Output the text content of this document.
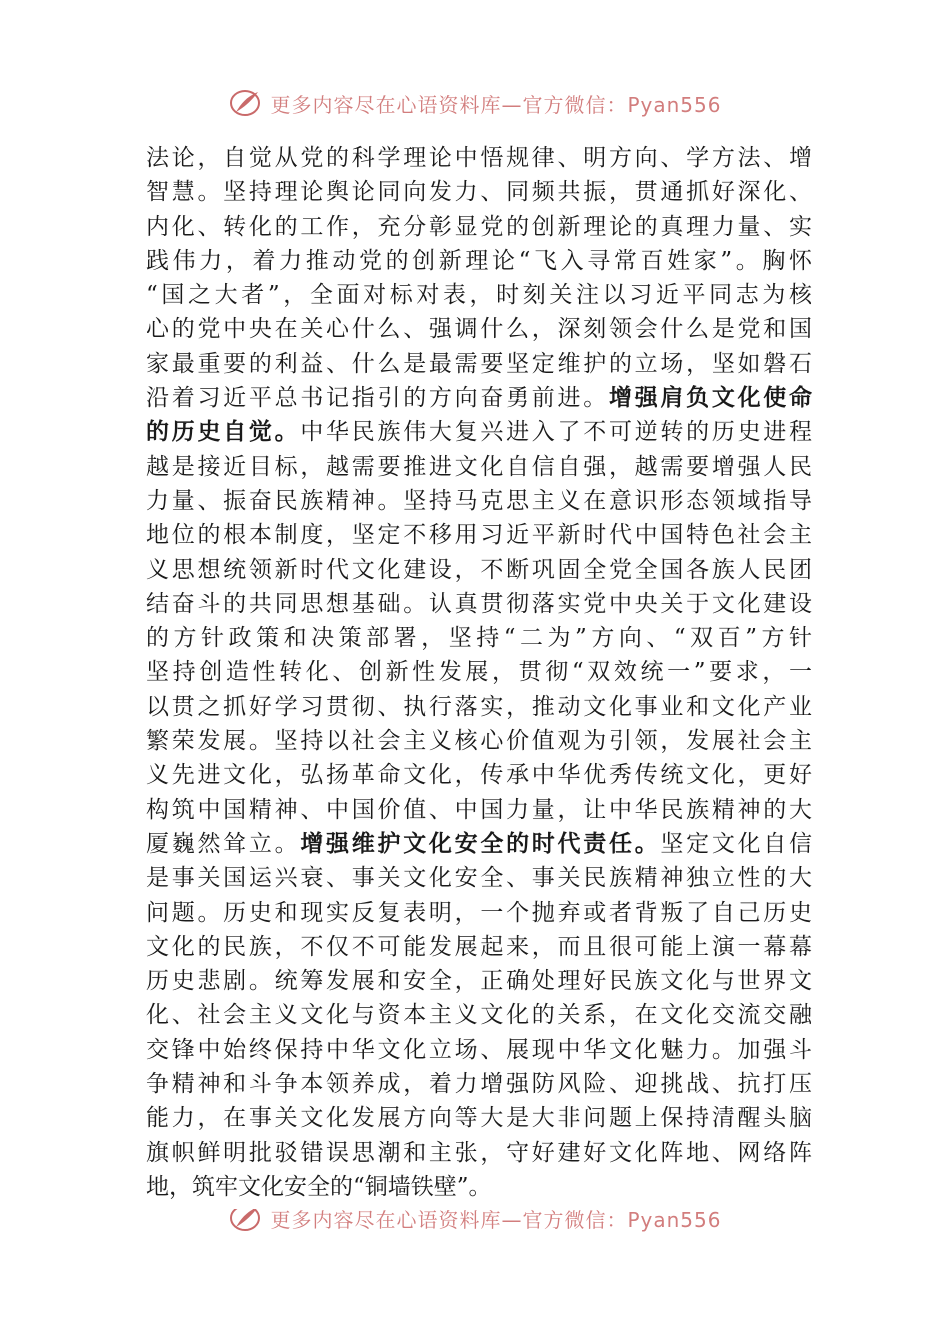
更多内容尽在心语资料库—官方微信：Pyan556
法论，自觉从党的科学理论中悟规律、明方向、学方法、增
智慧。坚持理论舆论同向发力、同频共振，贯通抓好深化、
内化、转化的工作，充分彰显党的创新理论的真理力量、实
践伟力，着力推动党的创新理论“飞入寻常百姓家”。胸怀
“国之大者”，全面对标对表，时刻关注以习近平同志为核
心的党中央在关心什么、强调什么，深刻领会什么是党和国
家最重要的利益、什么是最需要坚定维护的立场，坚如磐石
沿着习近平总书记指引的方向奋勇前进。增强肩负文化使命
的历史自觉。中华民族伟大复兴进入了不可逆转的历史进程
越是接近目标，越需要推进文化自信自强，越需要增强人民
力量、振奋民族精神。坚持马克思主义在意识形态领域指导
地位的根本制度，坚定不移用习近平新时代中国特色社会主
义思想统领新时代文化建设，不断巩固全党全国各族人民团
结奋斗的共同思想基础。认真贯彻落实党中央关于文化建设
的方针政策和决策部署，坚持“二为”方向、“双百”方针
坚持创造性转化、创新性发展，贯彻“双效统一”要求，一
以贯之抓好学习贯彻、执行落实，推动文化事业和文化产业
繁荣发展。坚持以社会主义核心价值观为引领，发展社会主
义先进文化，弘扬革命文化，传承中华优秀传统文化，更好
构筑中国精神、中国价值、中国力量，让中华民族精神的大
厦巍然耸立。增强维护文化安全的时代责任。坚定文化自信
是事关国运兴衰、事关文化安全、事关民族精神独立性的大
问题。历史和现实反复表明，一个抛弃或者背叛了自己历史
文化的民族，不仅不可能发展起来，而且很可能上演一幕幕
历史悲剧。统筹发展和安全，正确处理好民族文化与世界文
化、社会主义文化与资本主义文化的关系，在文化交流交融
交锋中始终保持中华文化立场、展现中华文化魅力。加强斗
争精神和斗争本领养成，着力增强防风险、迎挑战、抗打压
能力，在事关文化发展方向等大是大非问题上保持清醒头脑
旗帜鲜明批驳错误思潮和主张，守好建好文化阵地、网络阵
地，筑牢文化安全的“铜墙铁壁”。
更多内容尽在心语资料库—官方微信：Pyan556
